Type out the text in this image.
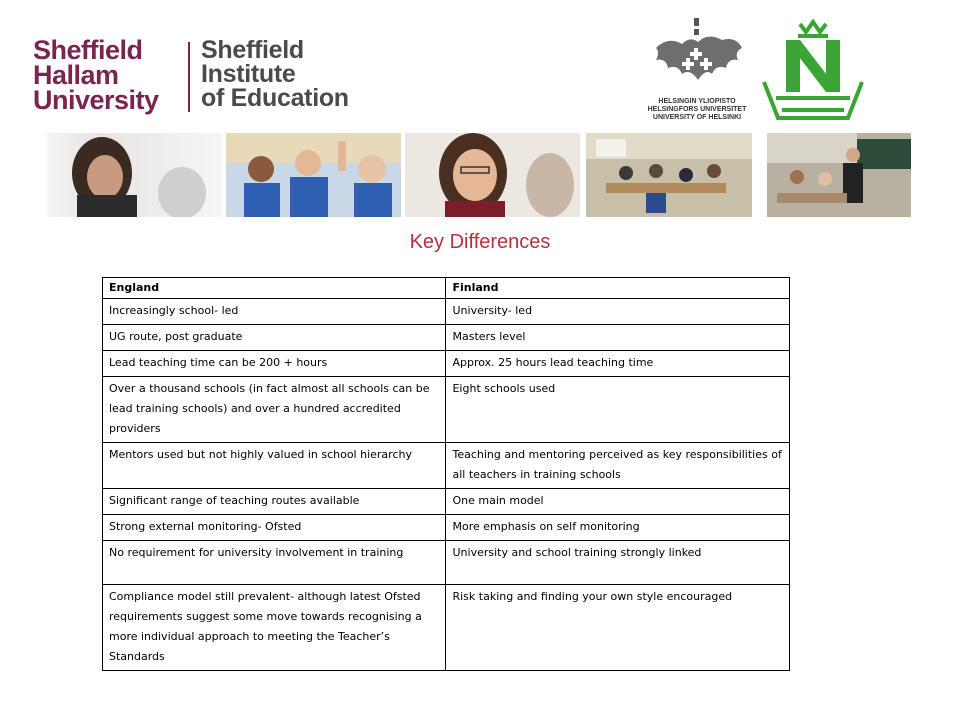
Sheffield
Hallam
University
Sheffield
Institute
of Education	HELSINGIN YLIOPISTO
HELSINGFORS UNIVERSITET
UNIVERSITY OF HELSINKI
Key Differences
England	Finland
Increasingly school- led	University- led
UG route, post graduate	Masters level
Lead teaching time can be 200 + hours	Approx. 25 hours lead teaching time
Over a thousand schools (in fact almost all schools can be lead training schools) and over a hundred accredited providers	Eight schools used
Mentors used but not highly valued in school hierarchy	Teaching and mentoring perceived as key responsibilities of all teachers in training schools
Significant range of teaching routes available	One main model
Strong external monitoring- Ofsted	More emphasis on self monitoring
No requirement for university involvement in training	University and school training strongly linked
Compliance model still prevalent- although latest Ofsted requirements suggest some move towards recognising a more individual approach to meeting the Teacher’s Standards	Risk taking and finding your own style encouraged
